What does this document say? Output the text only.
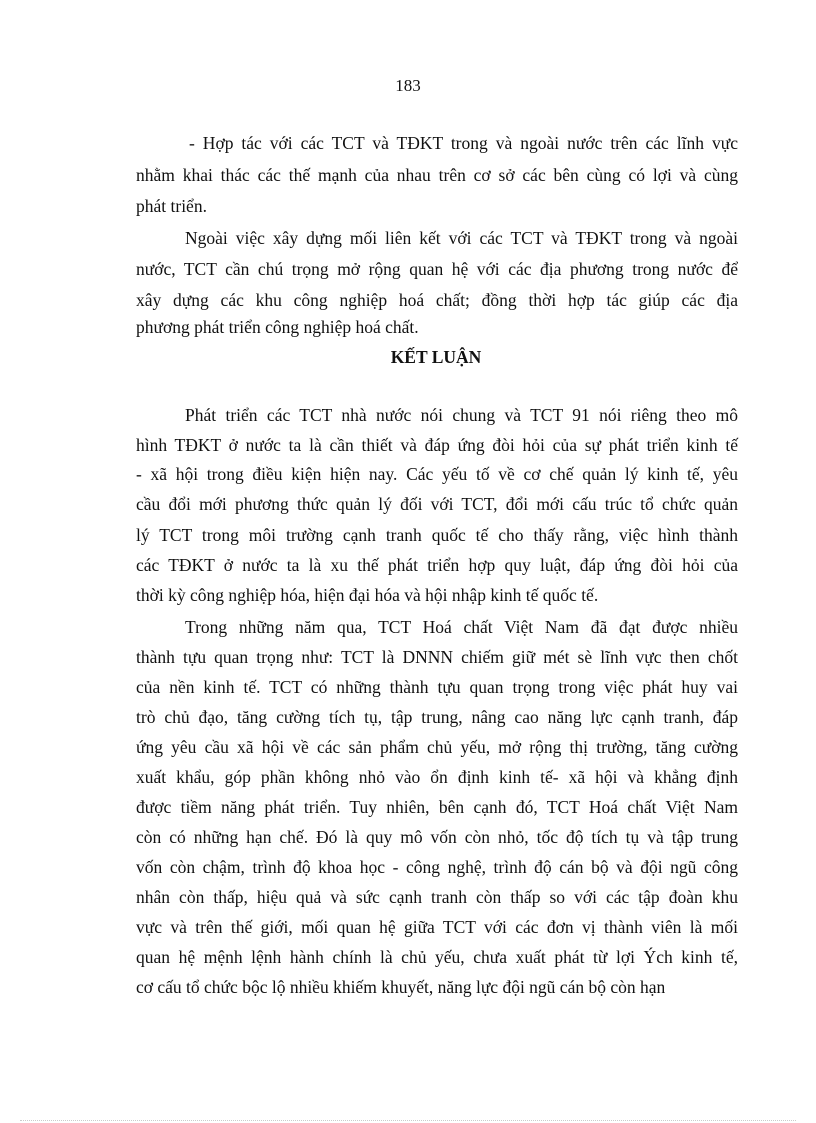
183
- Hợp tác với các TCT và TĐKT trong và ngoài nước trên các lĩnh vực
nhằm khai thác các thế mạnh của nhau trên cơ sở các bên cùng có lợi và cùng
phát triển.
Ngoài việc xây dựng mối liên kết với các TCT và TĐKT trong và ngoài
nước, TCT cần chú trọng mở rộng quan hệ với các địa phương trong nước để
xây dựng các khu công nghiệp hoá chất; đồng thời hợp tác giúp các địa
phương phát triển công nghiệp hoá chất.
KẾT LUẬN
Phát triển các TCT nhà nước nói chung và TCT 91 nói riêng theo mô
hình TĐKT ở nước ta là cần thiết và đáp ứng đòi hỏi của sự phát triển kinh tế
- xã hội trong điều kiện hiện nay. Các yếu tố về cơ chế quản lý kinh tế, yêu
cầu đổi mới phương thức quản lý đối với TCT, đổi mới cấu trúc tổ chức quản
lý TCT trong môi trường cạnh tranh quốc tế cho thấy rằng, việc hình thành
các TĐKT ở nước ta là xu thế phát triển hợp quy luật, đáp ứng đòi hỏi của
thời kỳ công nghiệp hóa, hiện đại hóa và hội nhập kinh tế quốc tế.
Trong những năm qua, TCT Hoá chất Việt Nam đã đạt được nhiều
thành tựu quan trọng như: TCT là DNNN chiếm giữ mét sè lĩnh vực then chốt
của nền kinh tế. TCT có những thành tựu quan trọng trong việc phát huy vai
trò chủ đạo, tăng cường tích tụ, tập trung, nâng cao năng lực cạnh tranh, đáp
ứng yêu cầu xã hội về các sản phẩm chủ yếu, mở rộng thị trường, tăng cường
xuất khẩu, góp phần không nhỏ vào ổn định kinh tế- xã hội và khẳng định
được tiềm năng phát triển. Tuy nhiên, bên cạnh đó, TCT Hoá chất Việt Nam
còn có những hạn chế. Đó là quy mô vốn còn nhỏ, tốc độ tích tụ và tập trung
vốn còn chậm, trình độ khoa học - công nghệ, trình độ cán bộ và đội ngũ công
nhân còn thấp, hiệu quả và sức cạnh tranh còn thấp so với các tập đoàn khu
vực và trên thế giới, mối quan hệ giữa TCT với các đơn vị thành viên là mối
quan hệ mệnh lệnh hành chính là chủ yếu, chưa xuất phát từ lợi Ých kinh tế,
cơ cấu tổ chức bộc lộ nhiều khiếm khuyết, năng lực đội ngũ cán bộ còn hạn
